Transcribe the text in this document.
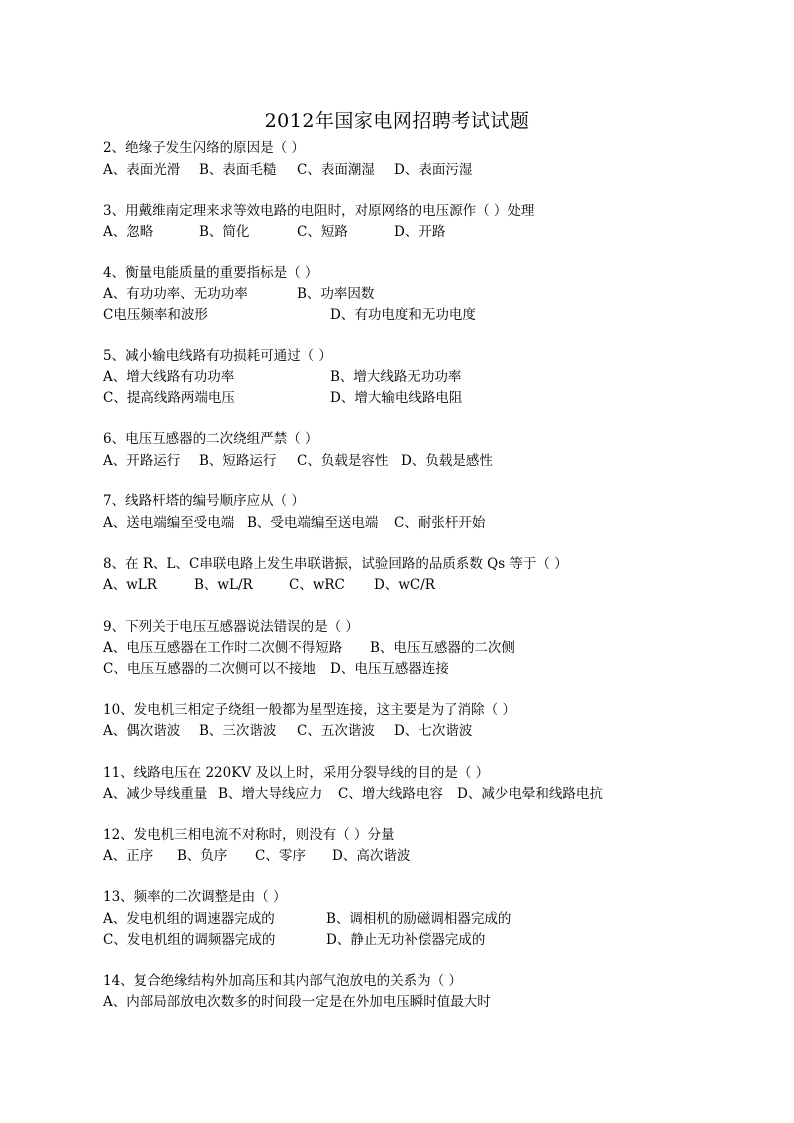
2012年国家电网招聘考试试题
2、绝缘子发生闪络的原因是（ ）
A、表面光滑 B、表面毛糙 C、表面潮湿 D、表面污湿
3、用戴维南定理来求等效电路的电阻时，对原网络的电压源作（ ）处理
A、忽略	B、简化	C、短路	D、开路
4、衡量电能质量的重要指标是（ ）
A、有功功率、无功功率	B、功率因数
C电压频率和波形	D、有功电度和无功电度
5、减小输电线路有功损耗可通过（ ）
A、增大线路有功功率	B、增大线路无功功率
C、提高线路两端电压	D、增大输电线路电阻
6、电压互感器的二次绕组严禁（ ）
A、开路运行 B、短路运行 C、负载是容性 D、负载是感性
7、线路杆塔的编号顺序应从（ ）
A、送电端编至受电端 B、受电端编至送电端 C、耐张杆开始
8、在 R、L、C串联电路上发生串联谐振，试验回路的品质系数 Qs 等于（ ）
A、wLR	B、wL/R	C、wRC D、wC/R
9、下列关于电压互感器说法错误的是（ ）
A、电压互感器在工作时二次侧不得短路 B、电压互感器的二次侧
C、电压互感器的二次侧可以不接地 D、电压互感器连接
10、发电机三相定子绕组一般都为星型连接，这主要是为了消除（ ）
A、偶次谐波 B、三次谐波 C、五次谐波 D、七次谐波
11、线路电压在 220KV 及以上时，采用分裂导线的目的是（ ）
A、减少导线重量 B、增大导线应力 C、增大线路电容 D、减少电晕和线路电抗
12、发电机三相电流不对称时，则没有（ ）分量
A、正序 B、负序 C、零序 D、高次谐波
13、频率的二次调整是由（ ）
A、发电机组的调速器完成的	B、调相机的励磁调相器完成的
C、发电机组的调频器完成的	D、静止无功补偿器完成的
14、复合绝缘结构外加高压和其内部气泡放电的关系为（ ）
A、内部局部放电次数多的时间段一定是在外加电压瞬时值最大时
